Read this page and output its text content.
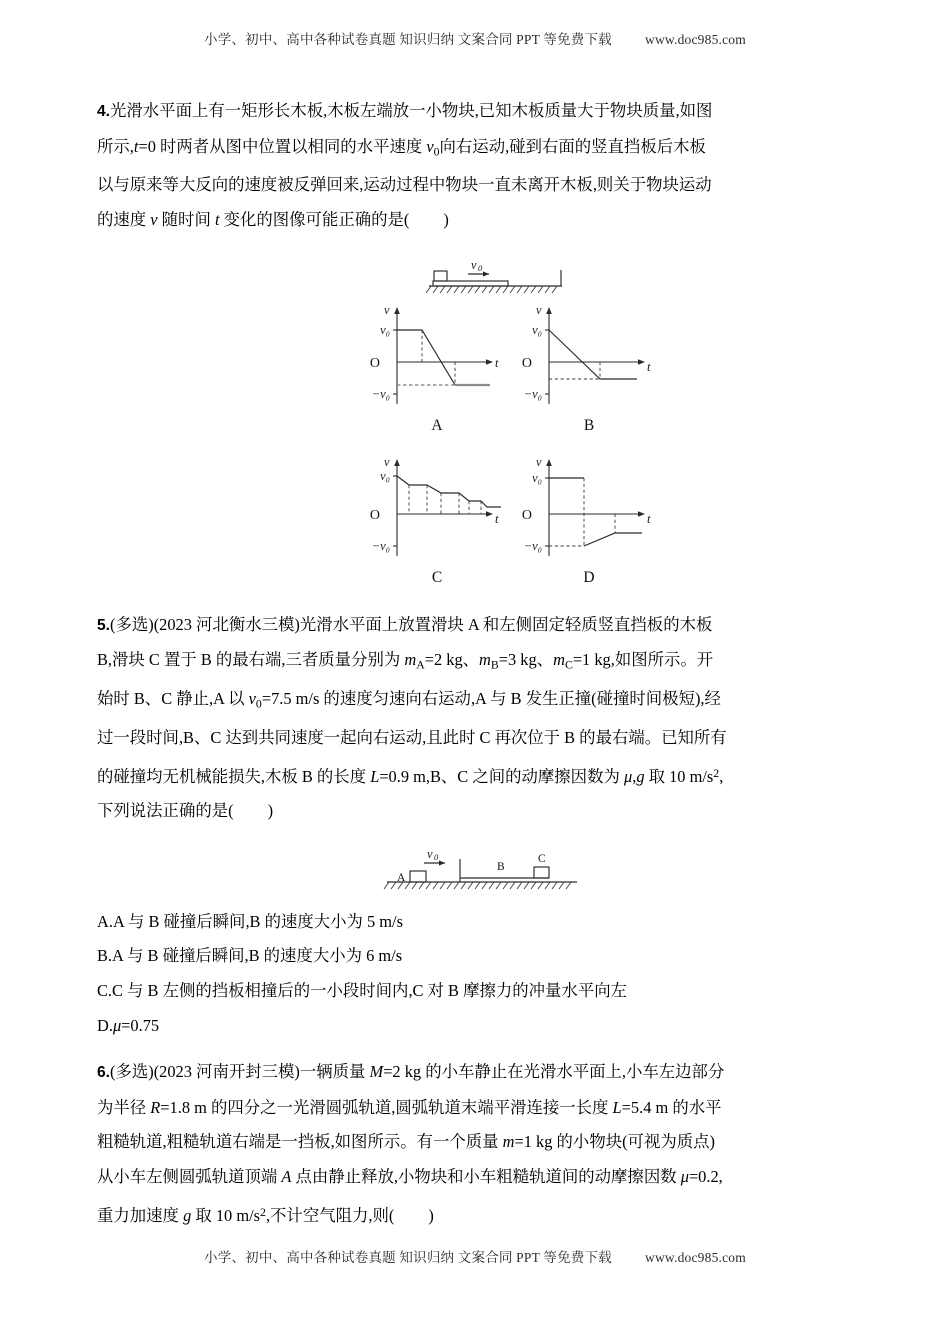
小学、初中、高中各种试卷真题 知识归纳 文案合同 PPT 等免费下载 www.doc985.com
4.光滑水平面上有一矩形长木板,木板左端放一小物块,已知木板质量大于物块质量,如图
所示,t=0 时两者从图中位置以相同的水平速度 $v_0$向右运动,碰到右面的竖直挡板后木板
以与原来等大反向的速度被反弹回来,运动过程中物块一直未离开木板,则关于物块运动
的速度 v 随时间 t 变化的图像可能正确的是( )
v 0
v
t
O
v₀
−v₀
A
v
t
O
v₀
−v₀
B
v
t
O
v₀
−v₀
C
v
t
O
v₀
−v₀
D
5.(多选)(2023 河北衡水三模)光滑水平面上放置滑块 A 和左侧固定轻质竖直挡板的木板
B,滑块 C 置于 B 的最右端,三者质量分别为 $m_A=2$ kg、$m_B=3$ kg、$m_C=1$ kg,如图所示。开
始时 B、C 静止,A 以 $v_0=7.5$ m/s 的速度匀速向右运动,A 与 B 发生正撞(碰撞时间极短),经
过一段时间,B、C 达到共同速度一起向右运动,且此时 C 再次位于 B 的最右端。已知所有
的碰撞均无机械能损失,木板 B 的长度 L=0.9 m,B、C 之间的动摩擦因数为 μ,g 取 10 $m/s^2$,
下列说法正确的是( )
A
v 0
B
C
A.A 与 B 碰撞后瞬间,B 的速度大小为 5 m/s
B.A 与 B 碰撞后瞬间,B 的速度大小为 6 m/s
C.C 与 B 左侧的挡板相撞后的一小段时间内,C 对 B 摩擦力的冲量水平向左
D.μ=0.75
6.(多选)(2023 河南开封三模)一辆质量 M=2 kg 的小车静止在光滑水平面上,小车左边部分
为半径 R=1.8 m 的四分之一光滑圆弧轨道,圆弧轨道末端平滑连接一长度 L=5.4 m 的水平
粗糙轨道,粗糙轨道右端是一挡板,如图所示。有一个质量 m=1 kg 的小物块(可视为质点)
从小车左侧圆弧轨道顶端 A 点由静止释放,小物块和小车粗糙轨道间的动摩擦因数 μ=0.2,
重力加速度 g 取 10 $m/s^2$,不计空气阻力,则( )
小学、初中、高中各种试卷真题 知识归纳 文案合同 PPT 等免费下载 www.doc985.com
